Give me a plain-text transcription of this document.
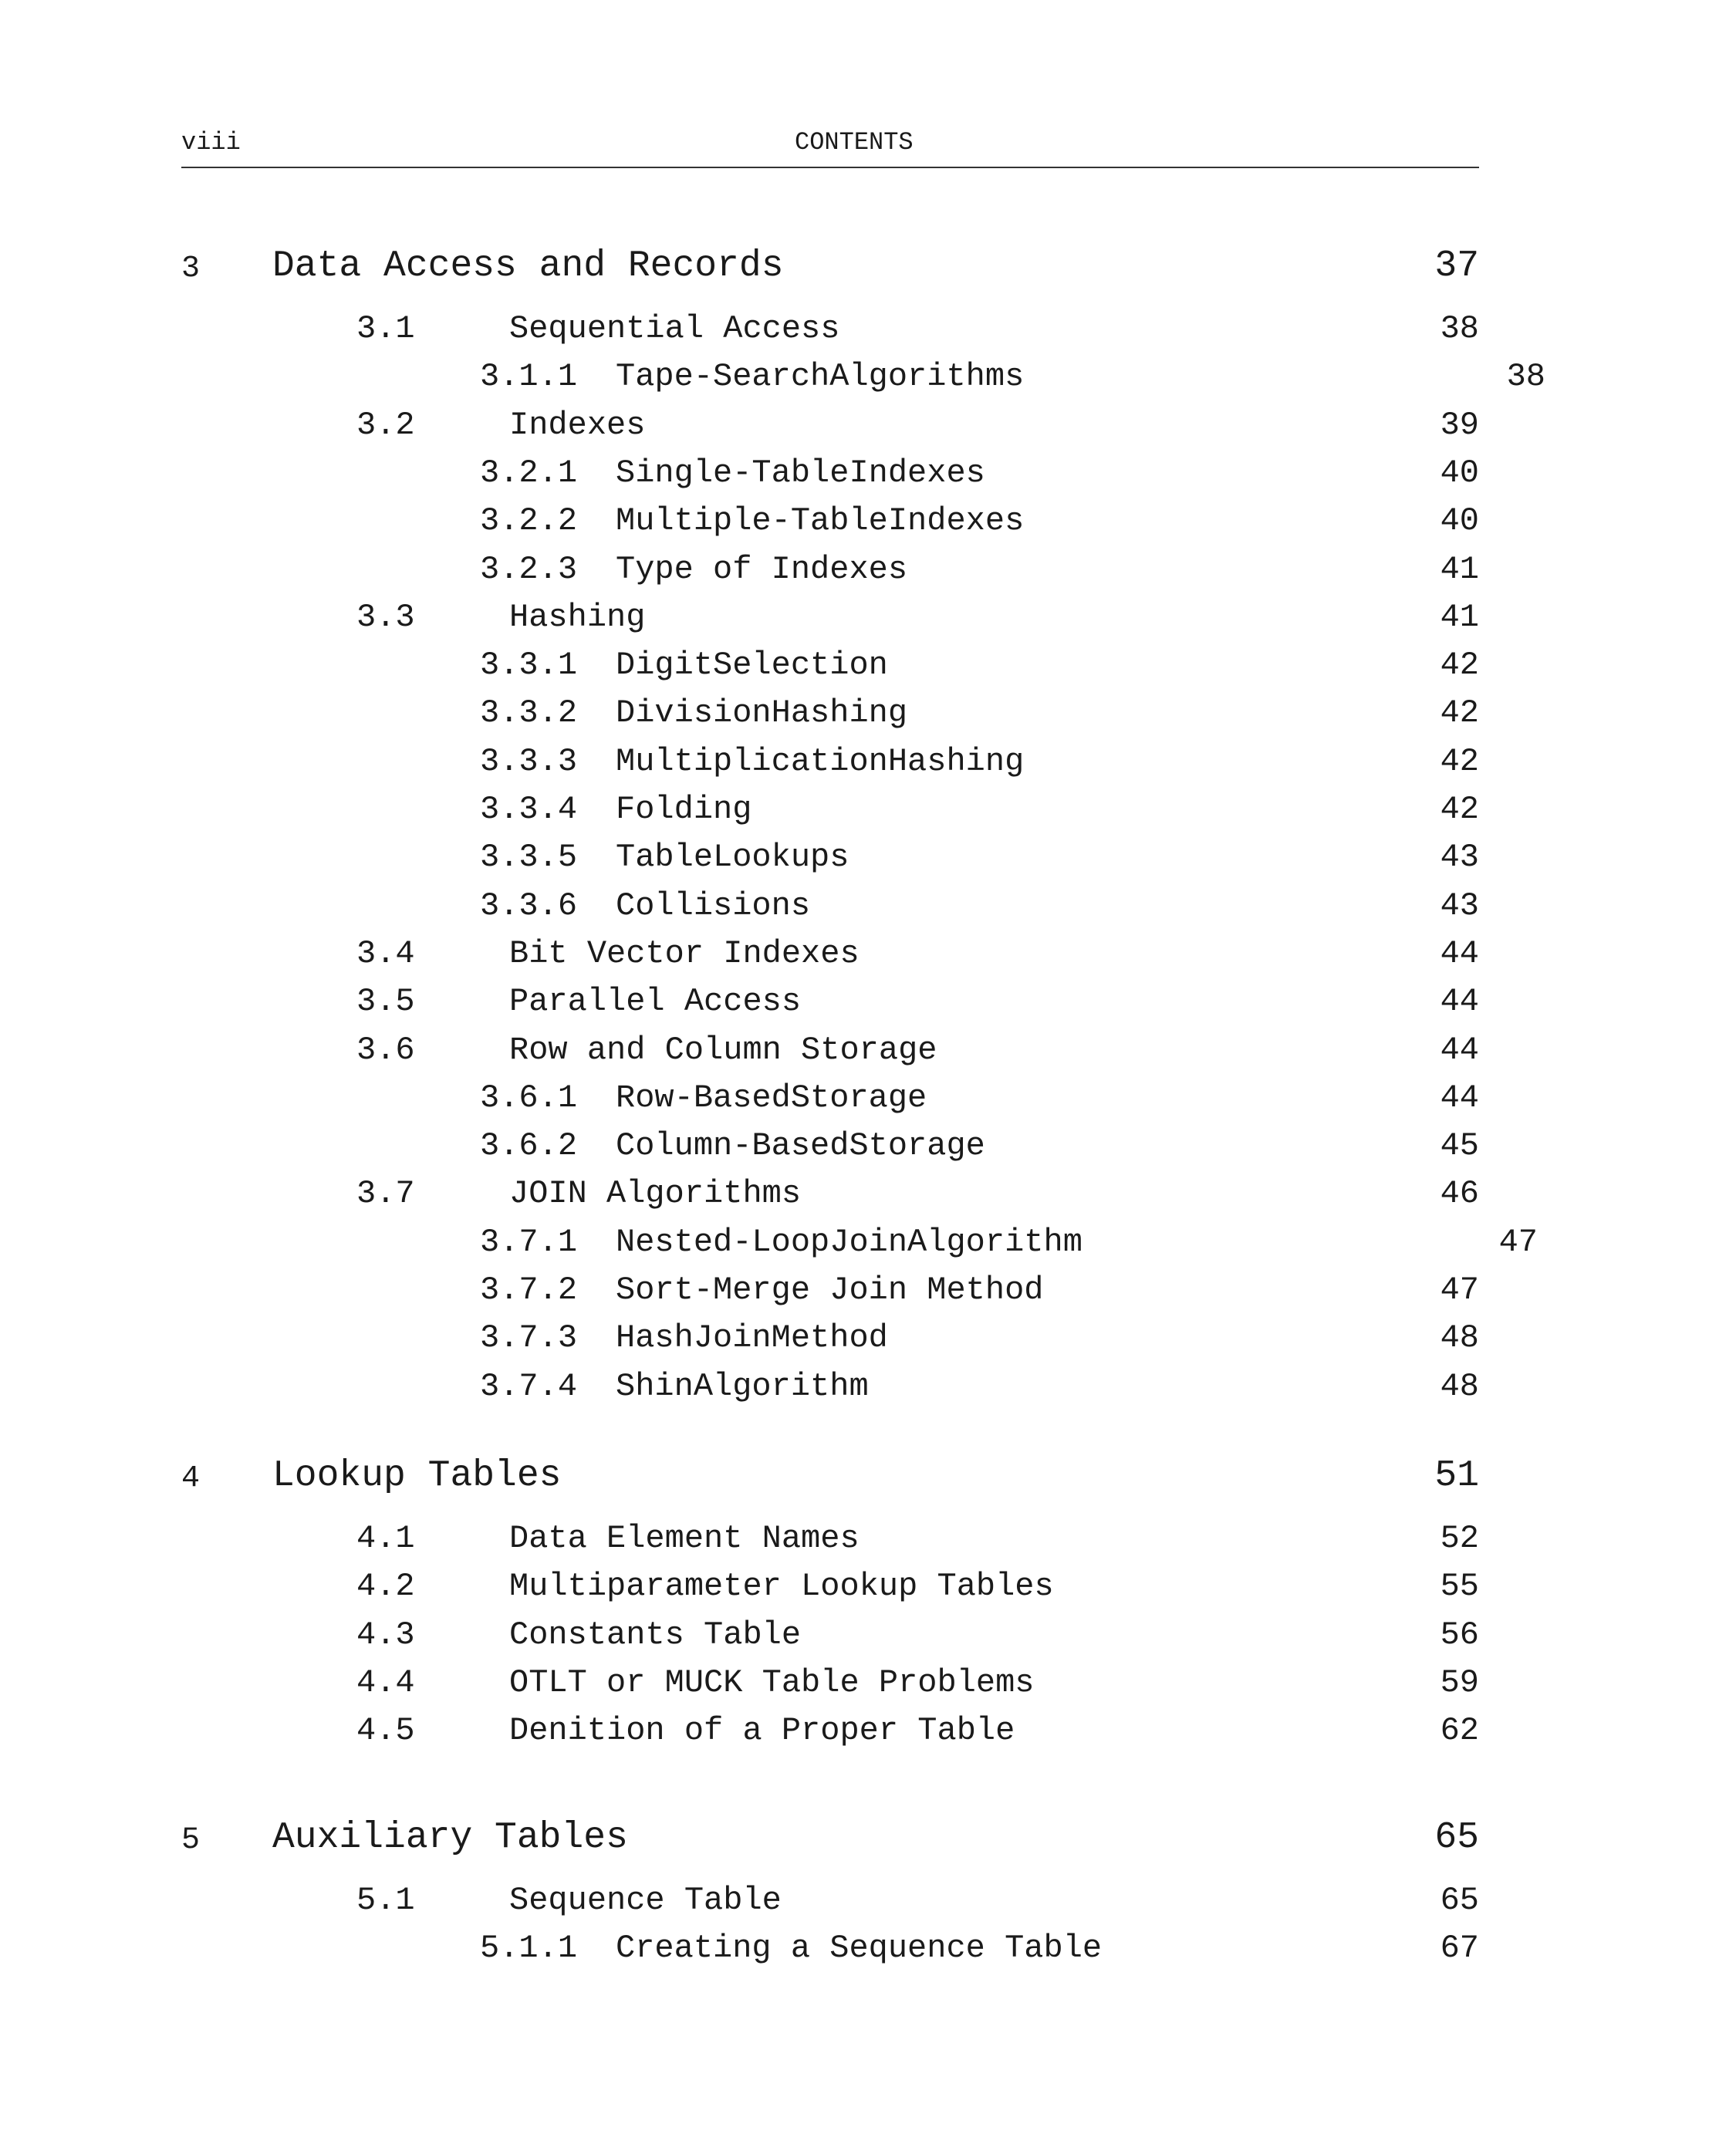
viii	CONTENTS
3 Data Access and Records	37
3.1	Sequential Access	38
3.1.1 Tape-SearchAlgorithms	38
3.2	Indexes	39
3.2.1 Single-TableIndexes	40
3.2.2 Multiple-TableIndexes	40
3.2.3 Type of Indexes	41
3.3	Hashing	41
3.3.1 DigitSelection	42
3.3.2 DivisionHashing	42
3.3.3 MultiplicationHashing	42
3.3.4 Folding	42
3.3.5 TableLookups	43
3.3.6 Collisions	43
3.4	Bit Vector Indexes	44
3.5	Parallel Access	44
3.6	Row and Column Storage	44
3.6.1 Row-BasedStorage	44
3.6.2 Column-BasedStorage	45
3.7	JOIN Algorithms	46
3.7.1 Nested-LoopJoinAlgorithm	47
3.7.2 Sort-Merge Join Method	47
3.7.3 HashJoinMethod	48
3.7.4 ShinAlgorithm	48
4 Lookup Tables	51
4.1	Data Element Names	52
4.2	Multiparameter Lookup Tables	55
4.3	Constants Table	56
4.4	OTLT or MUCK Table Problems	59
4.5	Denition of a Proper Table	62
5 Auxiliary Tables	65
5.1	Sequence Table	65
5.1.1 Creating a Sequence Table	67
